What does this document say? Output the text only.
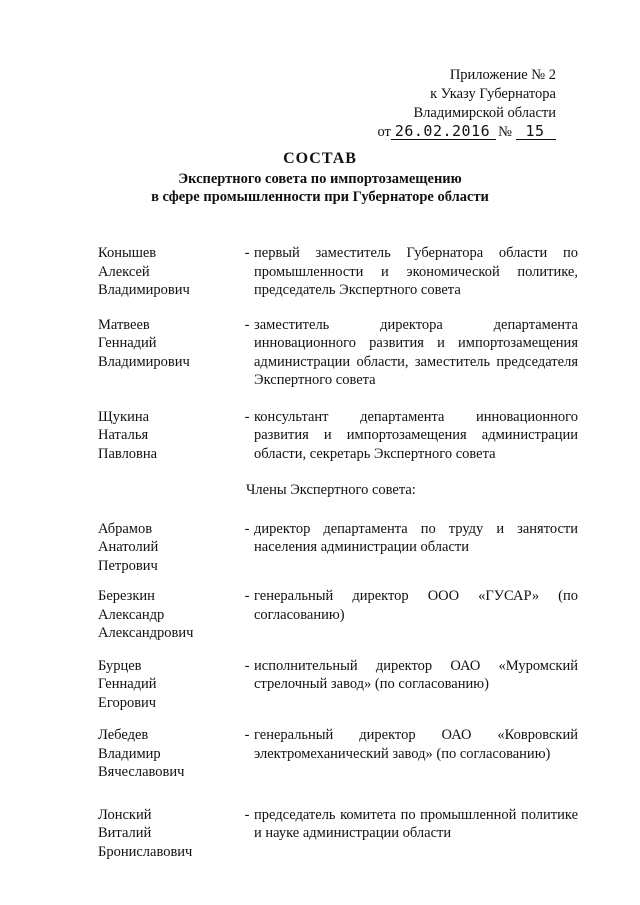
Приложение № 2
к Указу Губернатора
Владимирской области
от 26.02.2016 № 15
СОСТАВ
Экспертного совета по импортозамещению
в сфере промышленности при Губернаторе области
Конышев
Алексей
Владимирович
- первый заместитель Губернатора области по промышленности и экономической политике, председатель Экспертного совета
Матвеев
Геннадий
Владимирович
- заместитель директора департамента инновационного развития и импортозамещения администрации области, заместитель председателя Экспертного совета
Щукина
Наталья
Павловна
- консультант департамента инновационного развития и импортозамещения администрации области, секретарь Экспертного совета
Члены Экспертного совета:
Абрамов
Анатолий
Петрович
- директор департамента по труду и занятости населения администрации области
Березкин
Александр
Александрович
- генеральный директор ООО «ГУСАР» (по согласованию)
Бурцев
Геннадий
Егорович
- исполнительный директор ОАО «Муромский стрелочный завод» (по согласованию)
Лебедев
Владимир
Вячеславович
- генеральный директор ОАО «Ковровский электромеханический завод» (по согласованию)
Лонский
Виталий
Брониславович
- председатель комитета по промышленной политике и науке администрации области
